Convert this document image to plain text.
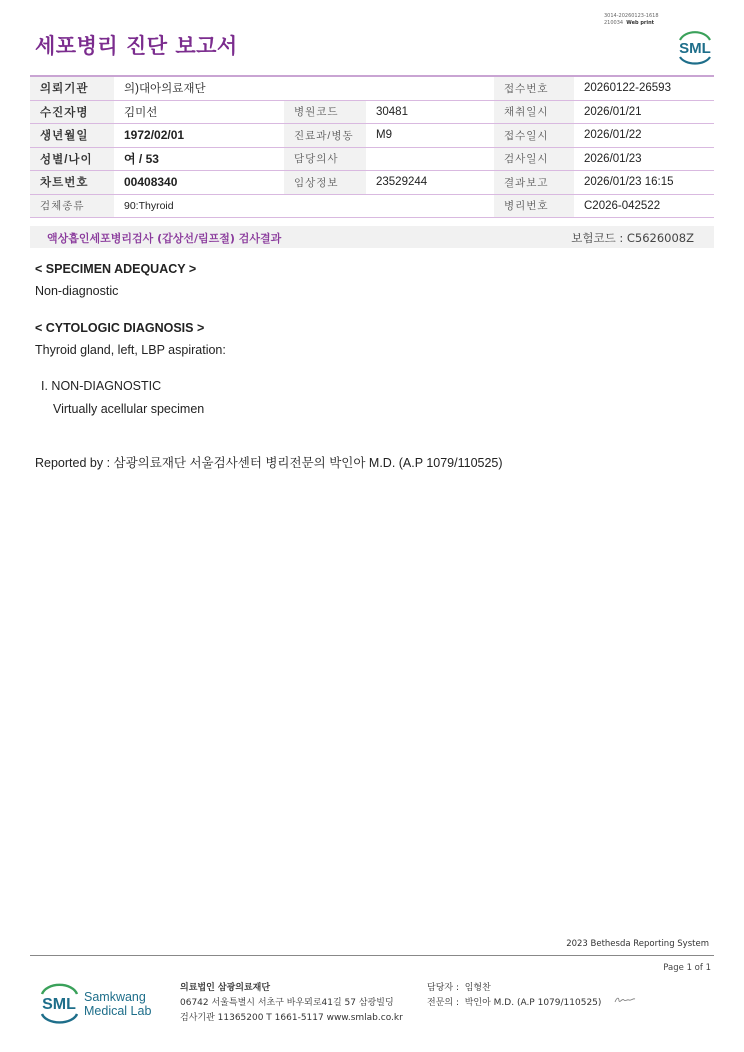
세포병리 진단 보고서
3014-20260123-1618
210034 Web print
SML
의뢰기관	의)대아의료재단			접수번호	20260122-26593
수진자명	김미선	병원코드	30481	채취일시	2026/01/21
생년월일	1972/02/01	진료과/병동	M9	접수일시	2026/01/22
성별/나이	여 / 53	담당의사		검사일시	2026/01/23
차트번호	00408340	임상정보	23529244	결과보고	2026/01/23 16:15
검체종류	90:Thyroid			병리번호	C2026-042522
액상흡인세포병리검사 (갑상선/림프절) 검사결과	보험코드 : C5626008Z
< SPECIMEN ADEQUACY >
Non-diagnostic
< CYTOLOGIC DIAGNOSIS >
Thyroid gland, left, LBP aspiration:
I. NON-DIAGNOSTIC
Virtually acellular specimen
Reported by : 삼광의료재단 서울검사센터 병리전문의 박인아 M.D. (A.P 1079/110525)
2023 Bethesda Reporting System
Page 1 of 1
SML Samkwang
Medical Lab
의료법인 삼광의료재단
06742 서울특별시 서초구 바우뫼로41길 57 삼광빌딩
검사기관 11365200 T 1661-5117 www.smlab.co.kr
담당자 : 임형찬
전문의 : 박인아 M.D. (A.P 1079/110525)
